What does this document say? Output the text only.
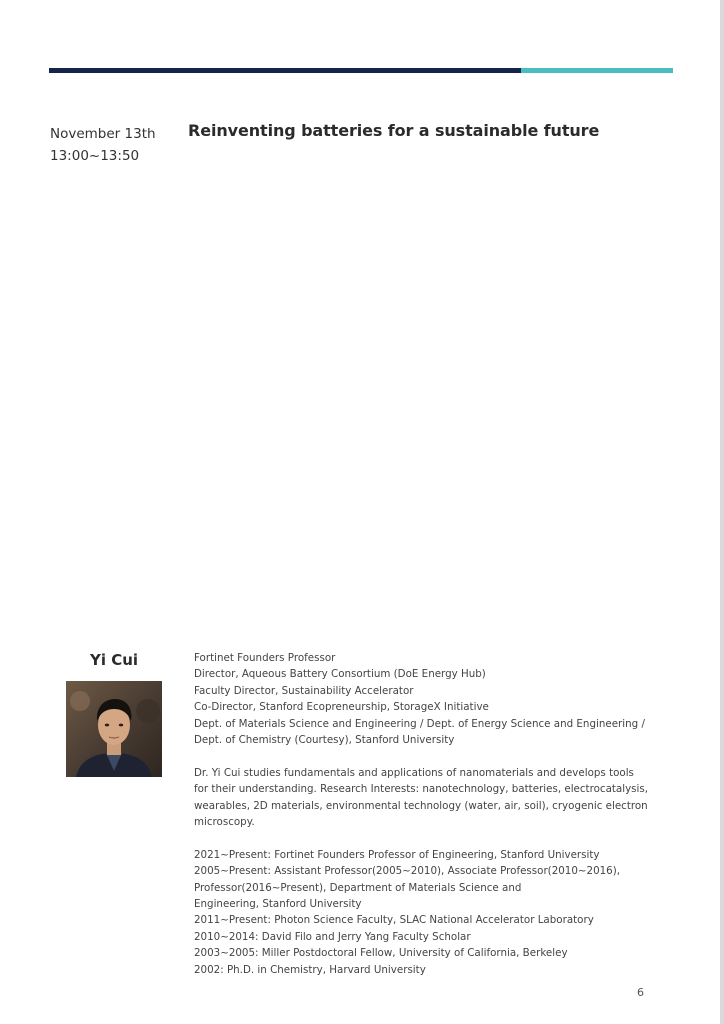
November 13th
13:00~13:50
Reinventing batteries for a sustainable future
Yi Cui	Fortinet Founders Professor
Director, Aqueous Battery Consortium (DoE Energy Hub)
Faculty Director, Sustainability Accelerator
Co-Director, Stanford Ecopreneurship, StorageX Initiative
Dept. of Materials Science and Engineering / Dept. of Energy Science and Engineering /
Dept. of Chemistry (Courtesy), Stanford University
Dr. Yi Cui studies fundamentals and applications of nanomaterials and develops tools
for their understanding. Research Interests: nanotechnology, batteries, electrocatalysis,
wearables, 2D materials, environmental technology (water, air, soil), cryogenic electron
microscopy.
2021~Present: Fortinet Founders Professor of Engineering, Stanford University
2005~Present: Assistant Professor(2005~2010), Associate Professor(2010~2016),
Professor(2016~Present), Department of Materials Science and
Engineering, Stanford University
2011~Present: Photon Science Faculty, SLAC National Accelerator Laboratory
2010~2014: David Filo and Jerry Yang Faculty Scholar
2003~2005: Miller Postdoctoral Fellow, University of California, Berkeley
2002: Ph.D. in Chemistry, Harvard University
6
